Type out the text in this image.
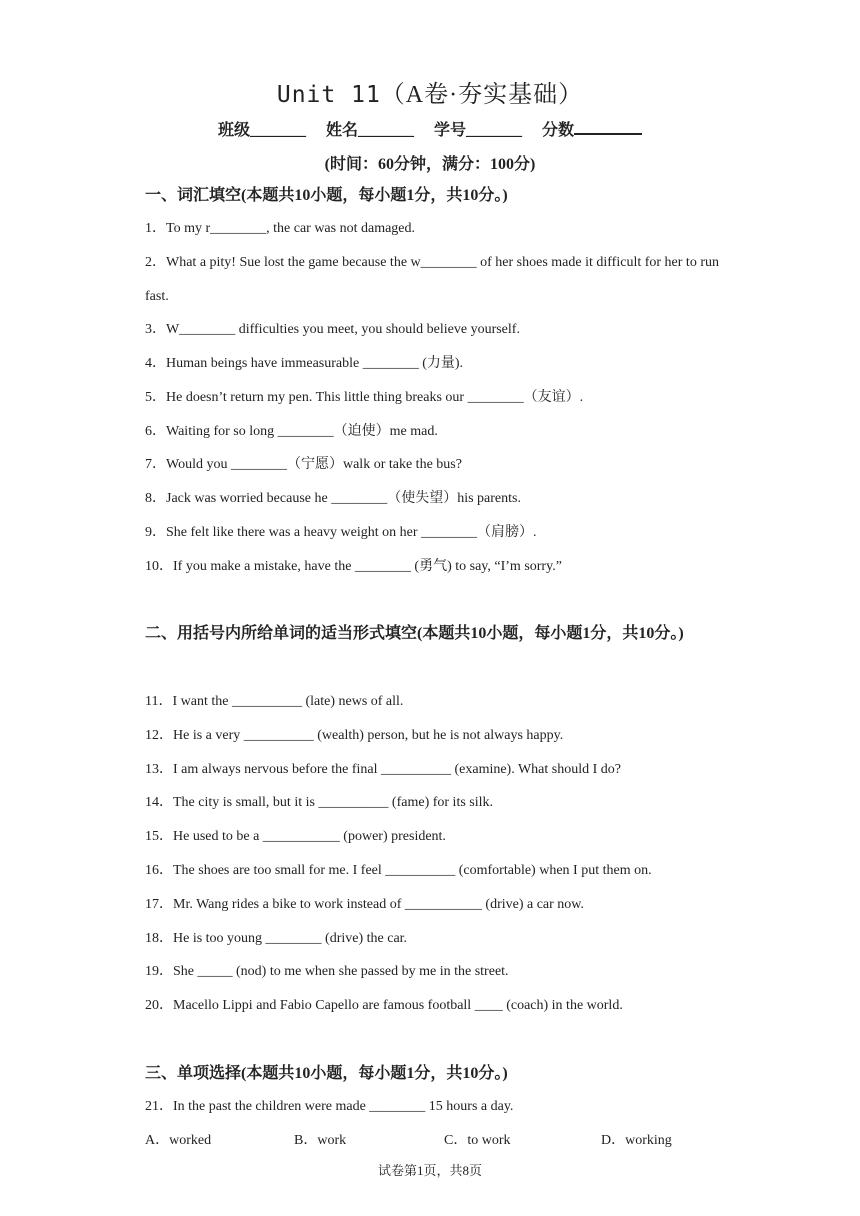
Unit 11（A卷·夯实基础）
班级_______ 姓名_______ 学号_______ 分数
(时间：60分钟，满分：100分)
一、词汇填空(本题共10小题，每小题1分，共10分。)
1．To my r________, the car was not damaged.
2．What a pity! Sue lost the game because the w________ of her shoes made it difficult for her to run fast.
3．W________ difficulties you meet, you should believe yourself.
4．Human beings have immeasurable ________ (力量).
5．He doesn’t return my pen. This little thing breaks our ________（友谊）.
6．Waiting for so long ________（迫使）me mad.
7．Would you ________（宁愿）walk or take the bus?
8．Jack was worried because he ________（使失望）his parents.
9．She felt like there was a heavy weight on her ________（肩膀）.
10．If you make a mistake, have the ________ (勇气) to say, “I’m sorry.”
二、用括号内所给单词的适当形式填空(本题共10小题，每小题1分，共10分。)
11．I want the __________ (late) news of all.
12．He is a very __________ (wealth) person, but he is not always happy.
13．I am always nervous before the final __________ (examine). What should I do?
14．The city is small, but it is __________ (fame) for its silk.
15．He used to be a ___________ (power) president.
16．The shoes are too small for me. I feel __________ (comfortable) when I put them on.
17．Mr. Wang rides a bike to work instead of ___________ (drive) a car now.
18．He is too young ________ (drive) the car.
19．She _____ (nod) to me when she passed by me in the street.
20．Macello Lippi and Fabio Capello are famous football ____ (coach) in the world.
三、单项选择(本题共10小题，每小题1分，共10分。)
21．In the past the children were made ________ 15 hours a day.
A．worked	B．work	C．to work	D．working
试卷第1页，共8页
